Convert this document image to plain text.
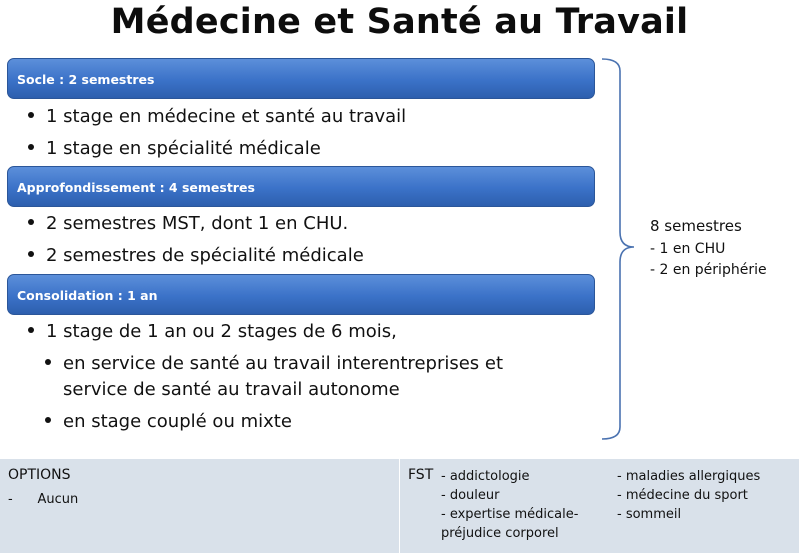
Médecine et Santé au Travail
Socle : 2 semestres
1 stage en médecine et santé au travail
1 stage en spécialité médicale
Approfondissement : 4 semestres
2 semestres MST, dont 1 en CHU.
2 semestres de spécialité médicale
Consolidation : 1 an
1 stage de 1 an ou 2 stages de 6 mois,
en service de santé au travail interentreprises et
service de santé au travail autonome
en stage couplé ou mixte
8 semestres
- 1 en CHU
- 2 en périphérie
OPTIONS
-      Aucun
FST - addictologie
- douleur
- expertise médicale-
préjudice corporel
- maladies allergiques
- médecine du sport
- sommeil
